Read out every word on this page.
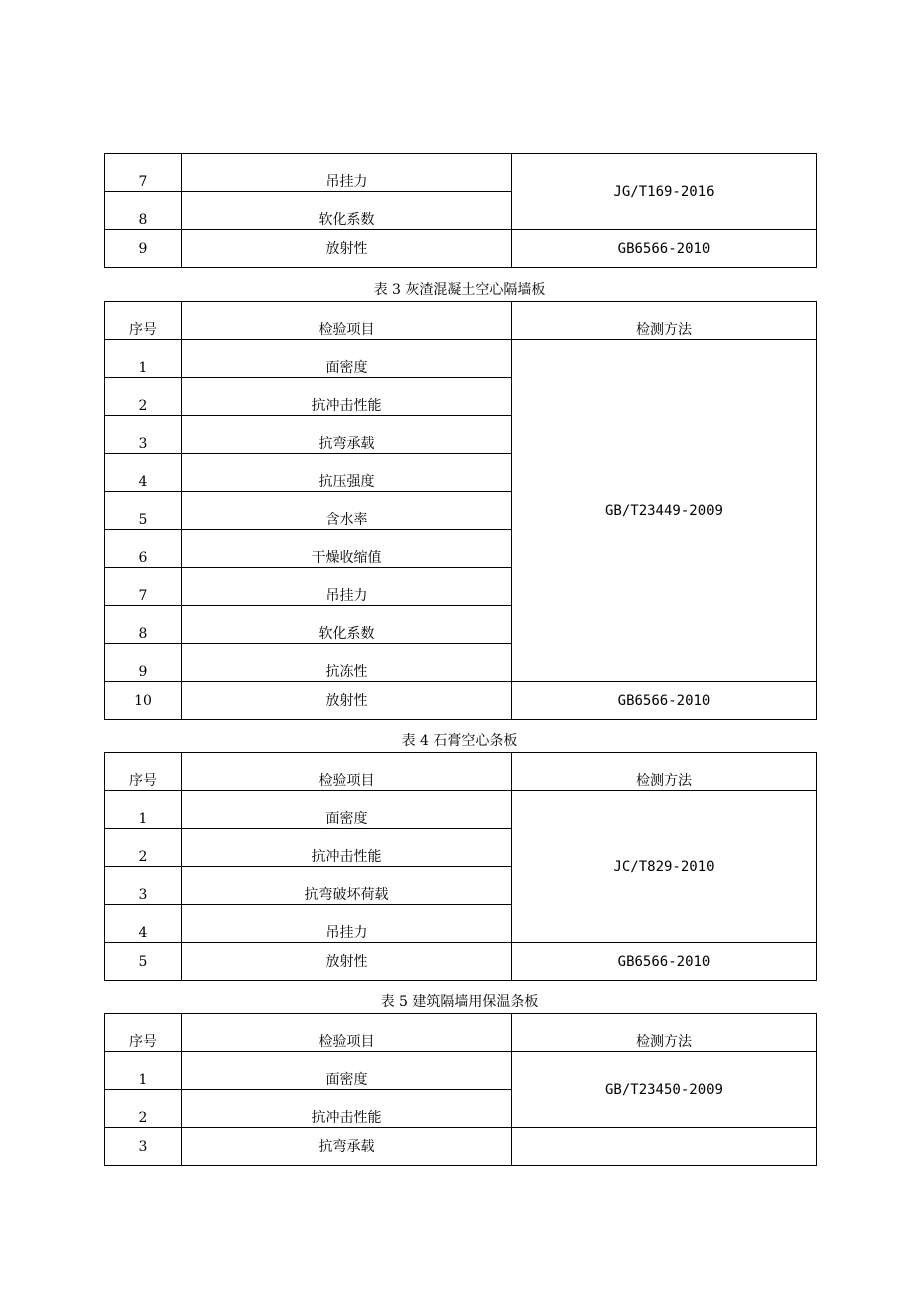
7	吊挂力	JG/T169-2016
8	软化系数	
9	放射性	GB6566-2010
表 3 灰渣混凝土空心隔墙板
序号	检验项目	检测方法
1	面密度	GB/T23449-2009
2	抗冲击性能	
3	抗弯承载	
4	抗压强度	
5	含水率	
6	干燥收缩值	
7	吊挂力	
8	软化系数	
9	抗冻性	
10	放射性	GB6566-2010
表 4 石膏空心条板
序号	检验项目	检测方法
1	面密度	JC/T829-2010
2	抗冲击性能	
3	抗弯破坏荷载	
4	吊挂力	
5	放射性	GB6566-2010
表 5 建筑隔墙用保温条板
序号	检验项目	检测方法
1	面密度	GB/T23450-2009
2	抗冲击性能	
3	抗弯承载	
